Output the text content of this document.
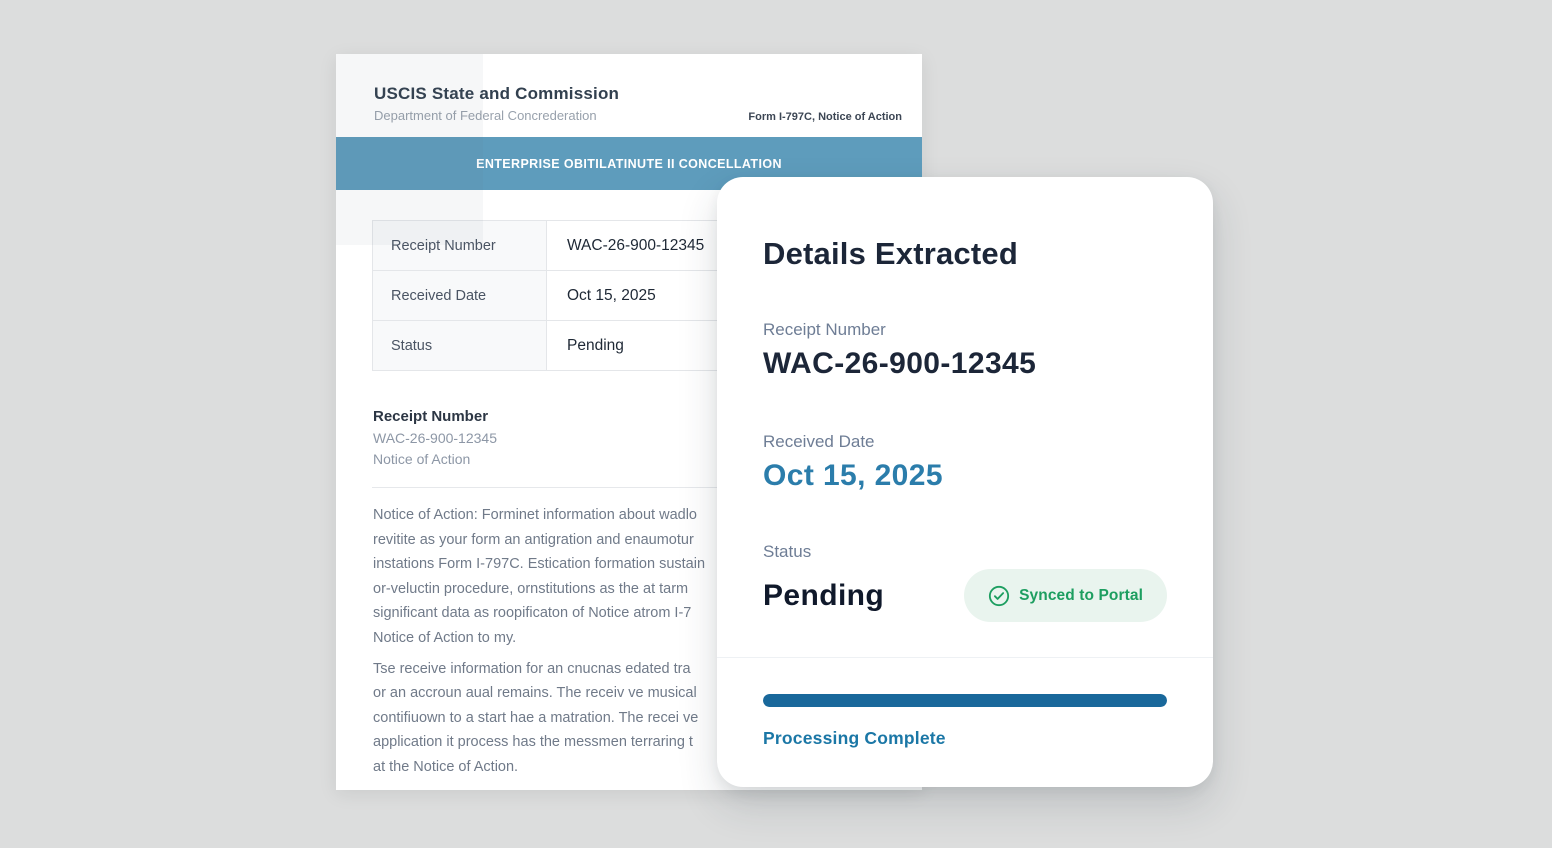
USCIS State and Commission
Department of Federal Concrederation	Form I-797C, Notice of Action
ENTERPRISE OBITILATINUTE II CONCELLATION
Receipt Number	WAC-26-900-12345
Received Date	Oct 15, 2025
Status	Pending
Receipt Number
WAC-26-900-12345
Notice of Action
Notice of Action: Forminet information about wadlo
revitite as your form an antigration and enaumotur
instations Form I-797C. Estication formation sustain
or-veluctin procedure, ornstitutions as the at tarm
significant data as roopificaton of Notice atrom I-7
Notice of Action to my.
Tse receive information for an cnucnas edated tra
or an accroun aual remains. The receiv ve musical
contifiuown to a start hae a matration. The recei ve
application it process has the messmen terraring t
at the Notice of Action.
Details Extracted
Receipt Number
WAC-26-900-12345
Received Date
Oct 15, 2025
Status
Pending	Synced to Portal
Processing Complete
